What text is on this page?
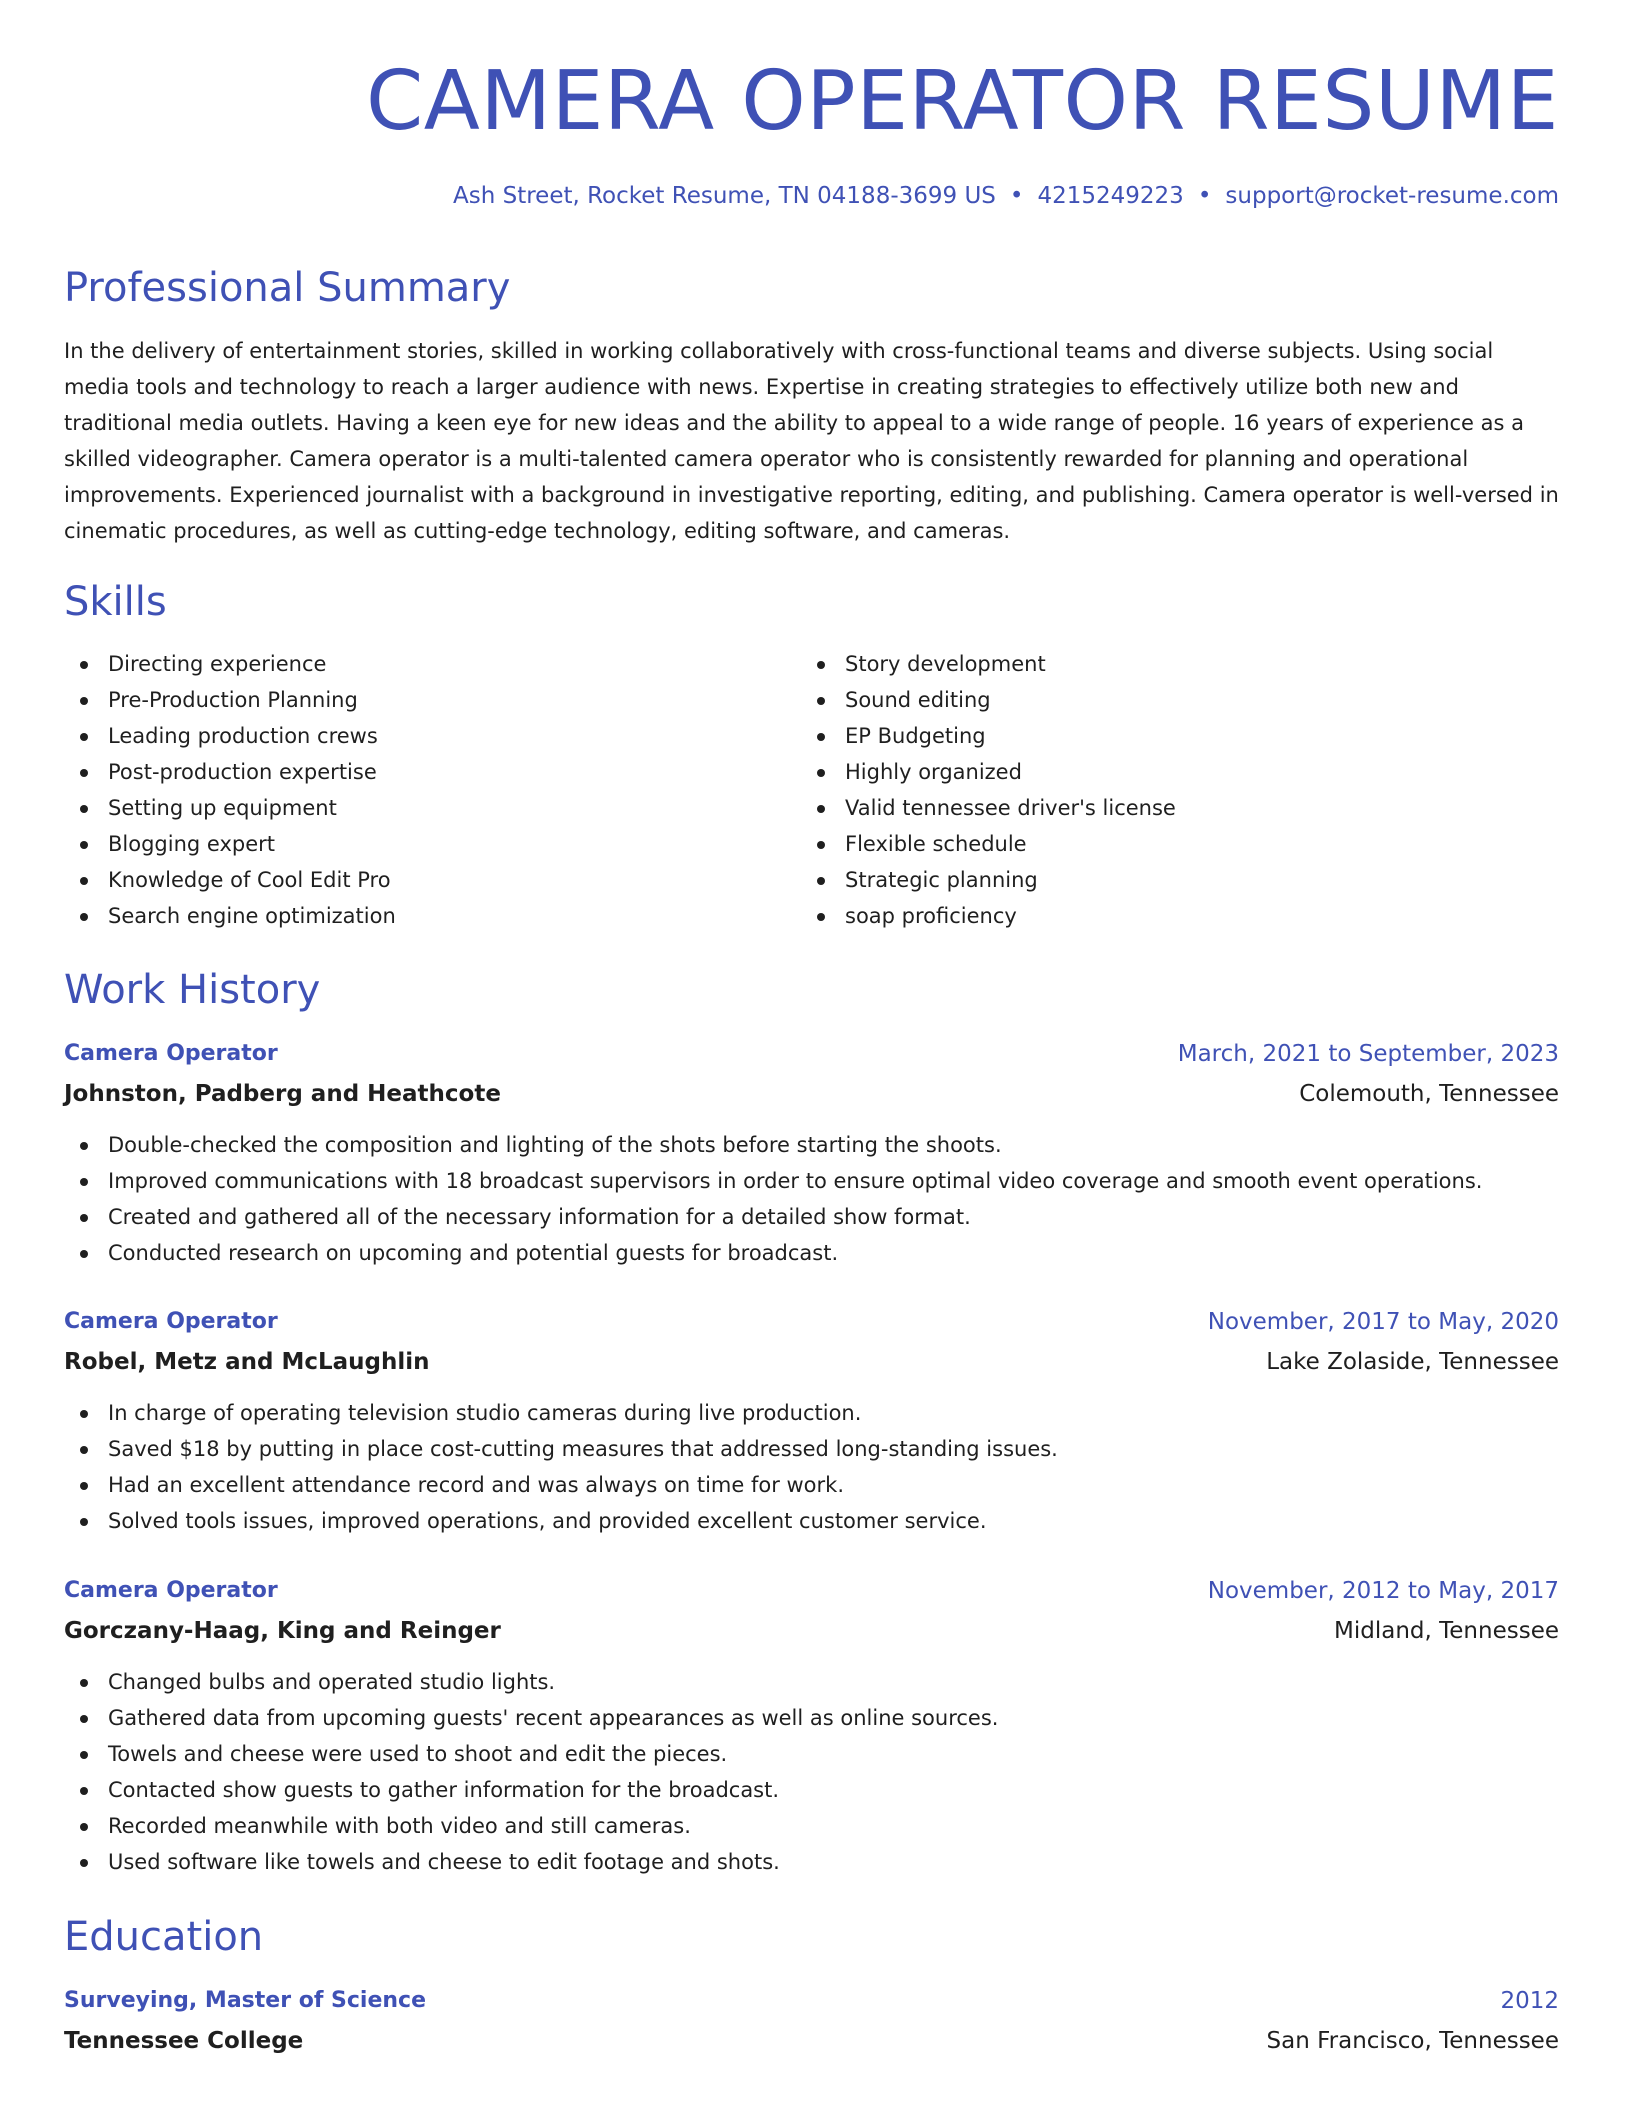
CAMERA OPERATOR RESUME
Ash Street, Rocket Resume, TN 04188-3699 US • 4215249223 • support@rocket-resume.com
Professional Summary

In the delivery of entertainment stories, skilled in working collaboratively with cross-functional teams and diverse subjects. Using social media tools and technology to reach a larger audience with news. Expertise in creating strategies to effectively utilize both new and traditional media outlets. Having a keen eye for new ideas and the ability to appeal to a wide range of people. 16 years of experience as a skilled videographer. Camera operator is a multi-talented camera operator who is consistently rewarded for planning and operational improvements. Experienced journalist with a background in investigative reporting, editing, and publishing. Camera operator is well-versed in cinematic procedures, as well as cutting-edge technology, editing software, and cameras.

Skills
Directing experience
Pre-Production Planning
Leading production crews
Post-production expertise
Setting up equipment
Blogging expert
Knowledge of Cool Edit Pro
Search engine optimization
Story development
Sound editing
EP Budgeting
Highly organized
Valid tennessee driver's license
Flexible schedule
Strategic planning
soap proficiency
Work History
Camera Operator	March, 2021 to September, 2023
Johnston, Padberg and Heathcote	Colemouth, Tennessee
Double-checked the composition and lighting of the shots before starting the shoots.
Improved communications with 18 broadcast supervisors in order to ensure optimal video coverage and smooth event operations.
Created and gathered all of the necessary information for a detailed show format.
Conducted research on upcoming and potential guests for broadcast.
Camera Operator	November, 2017 to May, 2020
Robel, Metz and McLaughlin	Lake Zolaside, Tennessee
In charge of operating television studio cameras during live production.
Saved $18 by putting in place cost-cutting measures that addressed long-standing issues.
Had an excellent attendance record and was always on time for work.
Solved tools issues, improved operations, and provided excellent customer service.
Camera Operator	November, 2012 to May, 2017
Gorczany-Haag, King and Reinger	Midland, Tennessee
Changed bulbs and operated studio lights.
Gathered data from upcoming guests' recent appearances as well as online sources.
Towels and cheese were used to shoot and edit the pieces.
Contacted show guests to gather information for the broadcast.
Recorded meanwhile with both video and still cameras.
Used software like towels and cheese to edit footage and shots.
Education
Surveying, Master of Science	2012
Tennessee College	San Francisco, Tennessee
